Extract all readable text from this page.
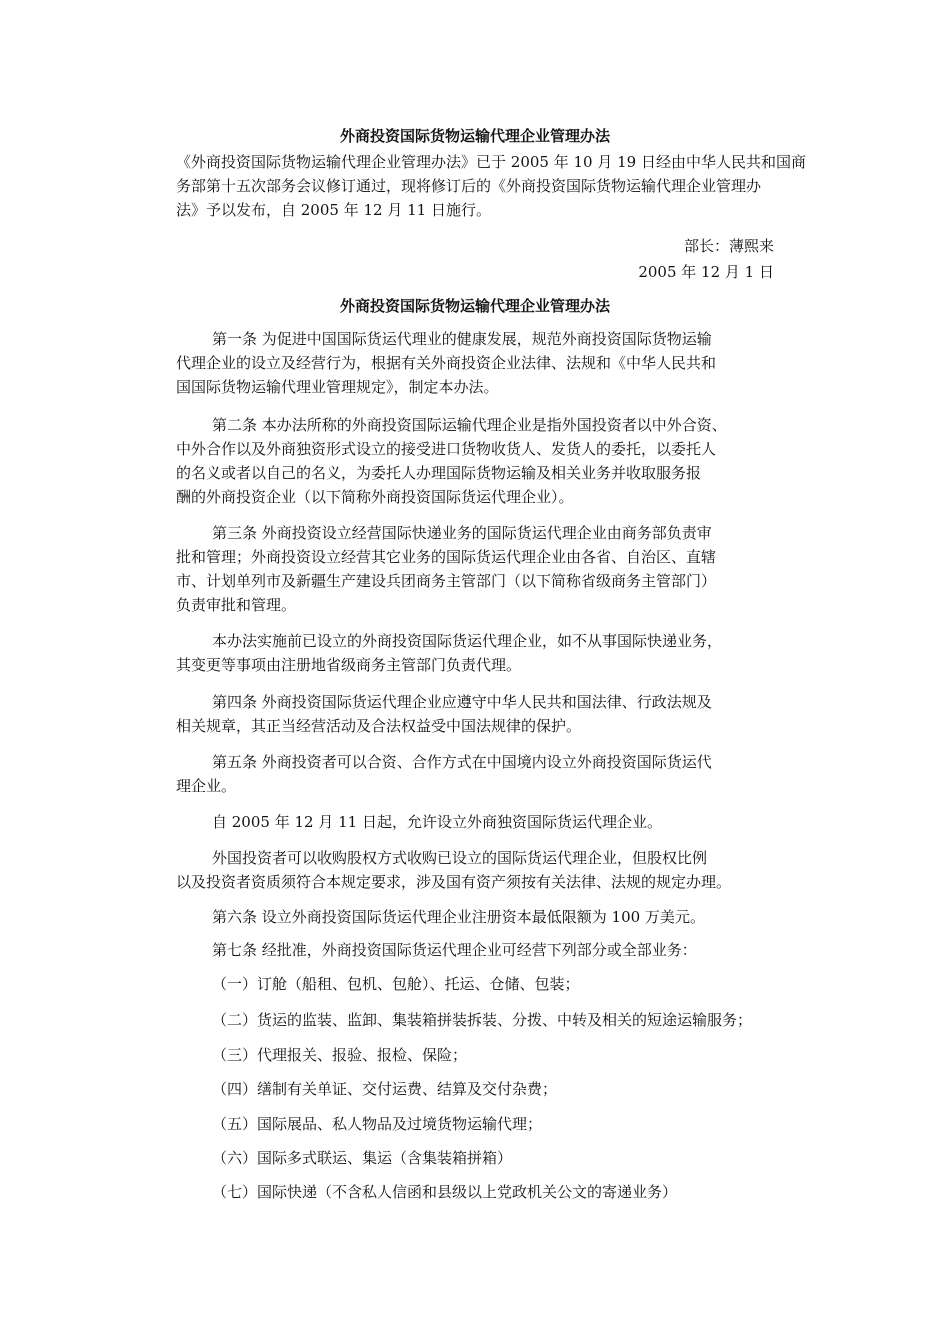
外商投资国际货物运输代理企业管理办法
《外商投资国际货物运输代理企业管理办法》已于 2005 年 10 月 19 日经由中华人民共和国商
务部第十五次部务会议修订通过，现将修订后的《外商投资国际货物运输代理企业管理办
法》予以发布，自 2005 年 12 月 11 日施行。
部长：薄熙来
2005 年 12 月 1 日
外商投资国际货物运输代理企业管理办法
第一条 为促进中国国际货运代理业的健康发展，规范外商投资国际货物运输
代理企业的设立及经营行为，根据有关外商投资企业法律、法规和《中华人民共和
国国际货物运输代理业管理规定》，制定本办法。
第二条 本办法所称的外商投资国际运输代理企业是指外国投资者以中外合资、
中外合作以及外商独资形式设立的接受进口货物收货人、发货人的委托，以委托人
的名义或者以自己的名义，为委托人办理国际货物运输及相关业务并收取服务报
酬的外商投资企业（以下简称外商投资国际货运代理企业）。
第三条 外商投资设立经营国际快递业务的国际货运代理企业由商务部负责审
批和管理；外商投资设立经营其它业务的国际货运代理企业由各省、自治区、直辖
市、计划单列市及新疆生产建设兵团商务主管部门（以下简称省级商务主管部门）
负责审批和管理。
本办法实施前已设立的外商投资国际货运代理企业，如不从事国际快递业务，
其变更等事项由注册地省级商务主管部门负责代理。
第四条 外商投资国际货运代理企业应遵守中华人民共和国法律、行政法规及
相关规章，其正当经营活动及合法权益受中国法规律的保护。
第五条 外商投资者可以合资、合作方式在中国境内设立外商投资国际货运代
理企业。
自 2005 年 12 月 11 日起，允许设立外商独资国际货运代理企业。
外国投资者可以收购股权方式收购已设立的国际货运代理企业，但股权比例
以及投资者资质须符合本规定要求，涉及国有资产须按有关法律、法规的规定办理。
第六条 设立外商投资国际货运代理企业注册资本最低限额为 100 万美元。
第七条 经批准，外商投资国际货运代理企业可经营下列部分或全部业务：
（一）订舱（船租、包机、包舱）、托运、仓储、包装；
（二）货运的监装、监卸、集装箱拼装拆装、分拨、中转及相关的短途运输服务；
（三）代理报关、报验、报检、保险；
（四）缮制有关单证、交付运费、结算及交付杂费；
（五）国际展品、私人物品及过境货物运输代理；
（六）国际多式联运、集运（含集装箱拼箱）
（七）国际快递（不含私人信函和县级以上党政机关公文的寄递业务）
